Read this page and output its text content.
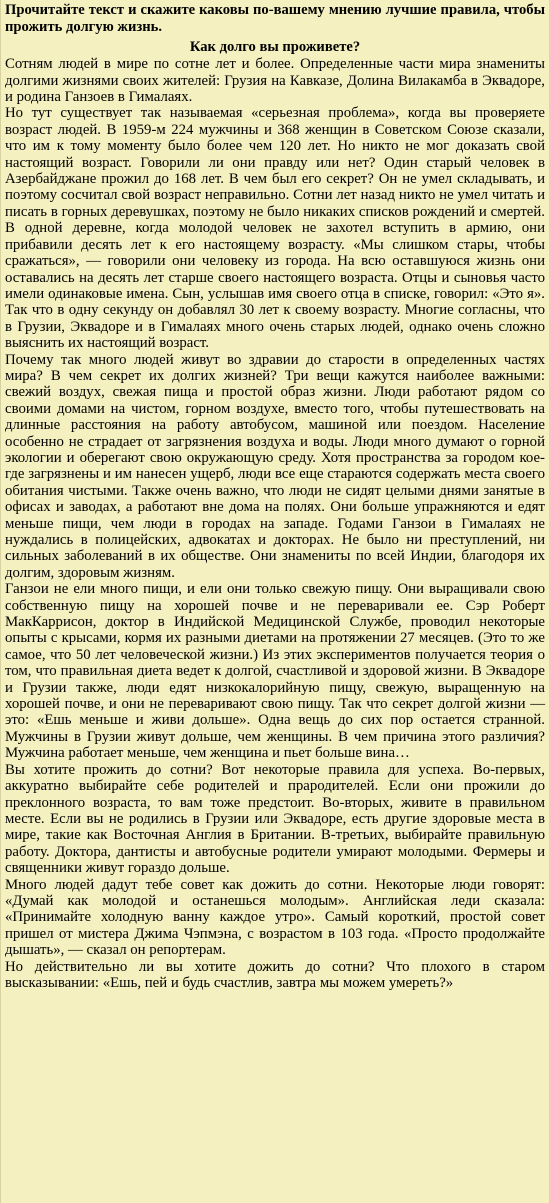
Прочитайте текст и скажите каковы по-вашему мнению лучшие правила, чтобы прожить долгую жизнь.

Как долго вы проживете?

Сотням людей в мире по сотне лет и более. Определенные части мира знамениты долгими жизнями своих жителей: Грузия на Кавказе, Долина Вилакамба в Эквадоре, и родина Ганзоев в Гималаях.

Но тут существует так называемая «серьезная проблема», когда вы проверяете возраст людей. В 1959-м 224 мужчины и 368 женщин в Советском Союзе сказали, что им к тому моменту было более чем 120 лет. Но никто не мог доказать свой настоящий возраст. Говорили ли они правду или нет? Один старый человек в Азербайджане прожил до 168 лет. В чем был его секрет? Он не умел складывать, и поэтому сосчитал свой возраст неправильно. Сотни лет назад никто не умел читать и писать в горных деревушках, поэтому не было никаких списков рождений и смертей. В одной деревне, когда молодой человек не захотел вступить в армию, они прибавили десять лет к его настоящему возрасту. «Мы слишком стары, чтобы сражаться», — говорили они человеку из города. На всю оставшуюся жизнь они оставались на десять лет старше своего настоящего возраста. Отцы и сыновья часто имели одинаковые имена. Сын, услышав имя своего отца в списке, говорил: «Это я». Так что в одну секунду он добавлял 30 лет к своему возрасту. Многие согласны, что в Грузии, Эквадоре и в Гималаях много очень старых людей, однако очень сложно выяснить их настоящий возраст.

Почему так много людей живут во здравии до старости в определенных частях мира? В чем секрет их долгих жизней? Три вещи кажутся наиболее важными: свежий воздух, свежая пища и простой образ жизни. Люди работают рядом со своими домами на чистом, горном воздухе, вместо того, чтобы путешествовать на длинные расстояния на работу автобусом, машиной или поездом. Население особенно не страдает от загрязнения воздуха и воды. Люди много думают о горной экологии и оберегают свою окружающую среду. Хотя пространства за городом кое-где загрязнены и им нанесен ущерб, люди все еще стараются содержать места своего обитания чистыми. Также очень важно, что люди не сидят целыми днями занятые в офисах и заводах, а работают вне дома на полях. Они больше упражняются и едят меньше пищи, чем люди в городах на западе. Годами Ганзои в Гималаях не нуждались в полицейских, адвокатах и докторах. Не было ни преступлений, ни сильных заболеваний в их обществе. Они знамениты по всей Индии, благодоря их долгим, здоровым жизням.

Ганзои не ели много пищи, и ели они только свежую пищу. Они выращивали свою собственную пищу на хорошей почве и не переваривали ее. Сэр Роберт МакКаррисон, доктор в Индийской Медицинской Службе, проводил некоторые опыты с крысами, кормя их разными диетами на протяжении 27 месяцев. (Это то же самое, что 50 лет человеческой жизни.) Из этих экспериментов получается теория о том, что правильная диета ведет к долгой, счастливой и здоровой жизни. В Эквадоре и Грузии также, люди едят низкокалорийную пищу, свежую, выращенную на хорошей почве, и они не переваривают свою пищу. Так что секрет долгой жизни — это: «Ешь меньше и живи дольше». Одна вещь до сих пор остается странной. Мужчины в Грузии живут дольше, чем женщины. В чем причина этого различия? Мужчина работает меньше, чем женщина и пьет больше вина…

Вы хотите прожить до сотни? Вот некоторые правила для успеха. Во-первых, аккуратно выбирайте себе родителей и прародителей. Если они прожили до преклонного возраста, то вам тоже предстоит. Во-вторых, живите в правильном месте. Если вы не родились в Грузии или Эквадоре, есть другие здоровые места в мире, такие как Восточная Англия в Британии. В-третьих, выбирайте правильную работу. Доктора, дантисты и автобусные родители умирают молодыми. Фермеры и священники живут гораздо дольше.

Много людей дадут тебе совет как дожить до сотни. Некоторые люди говорят: «Думай как молодой и останешься молодым». Английская леди сказала: «Принимайте холодную ванну каждое утро». Самый короткий, простой совет пришел от мистера Джима Чэпмэна, с возрастом в 103 года. «Просто продолжайте дышать», — сказал он репортерам.

Но действительно ли вы хотите дожить до сотни? Что плохого в старом высказывании: «Ешь, пей и будь счастлив, завтра мы можем умереть?»
